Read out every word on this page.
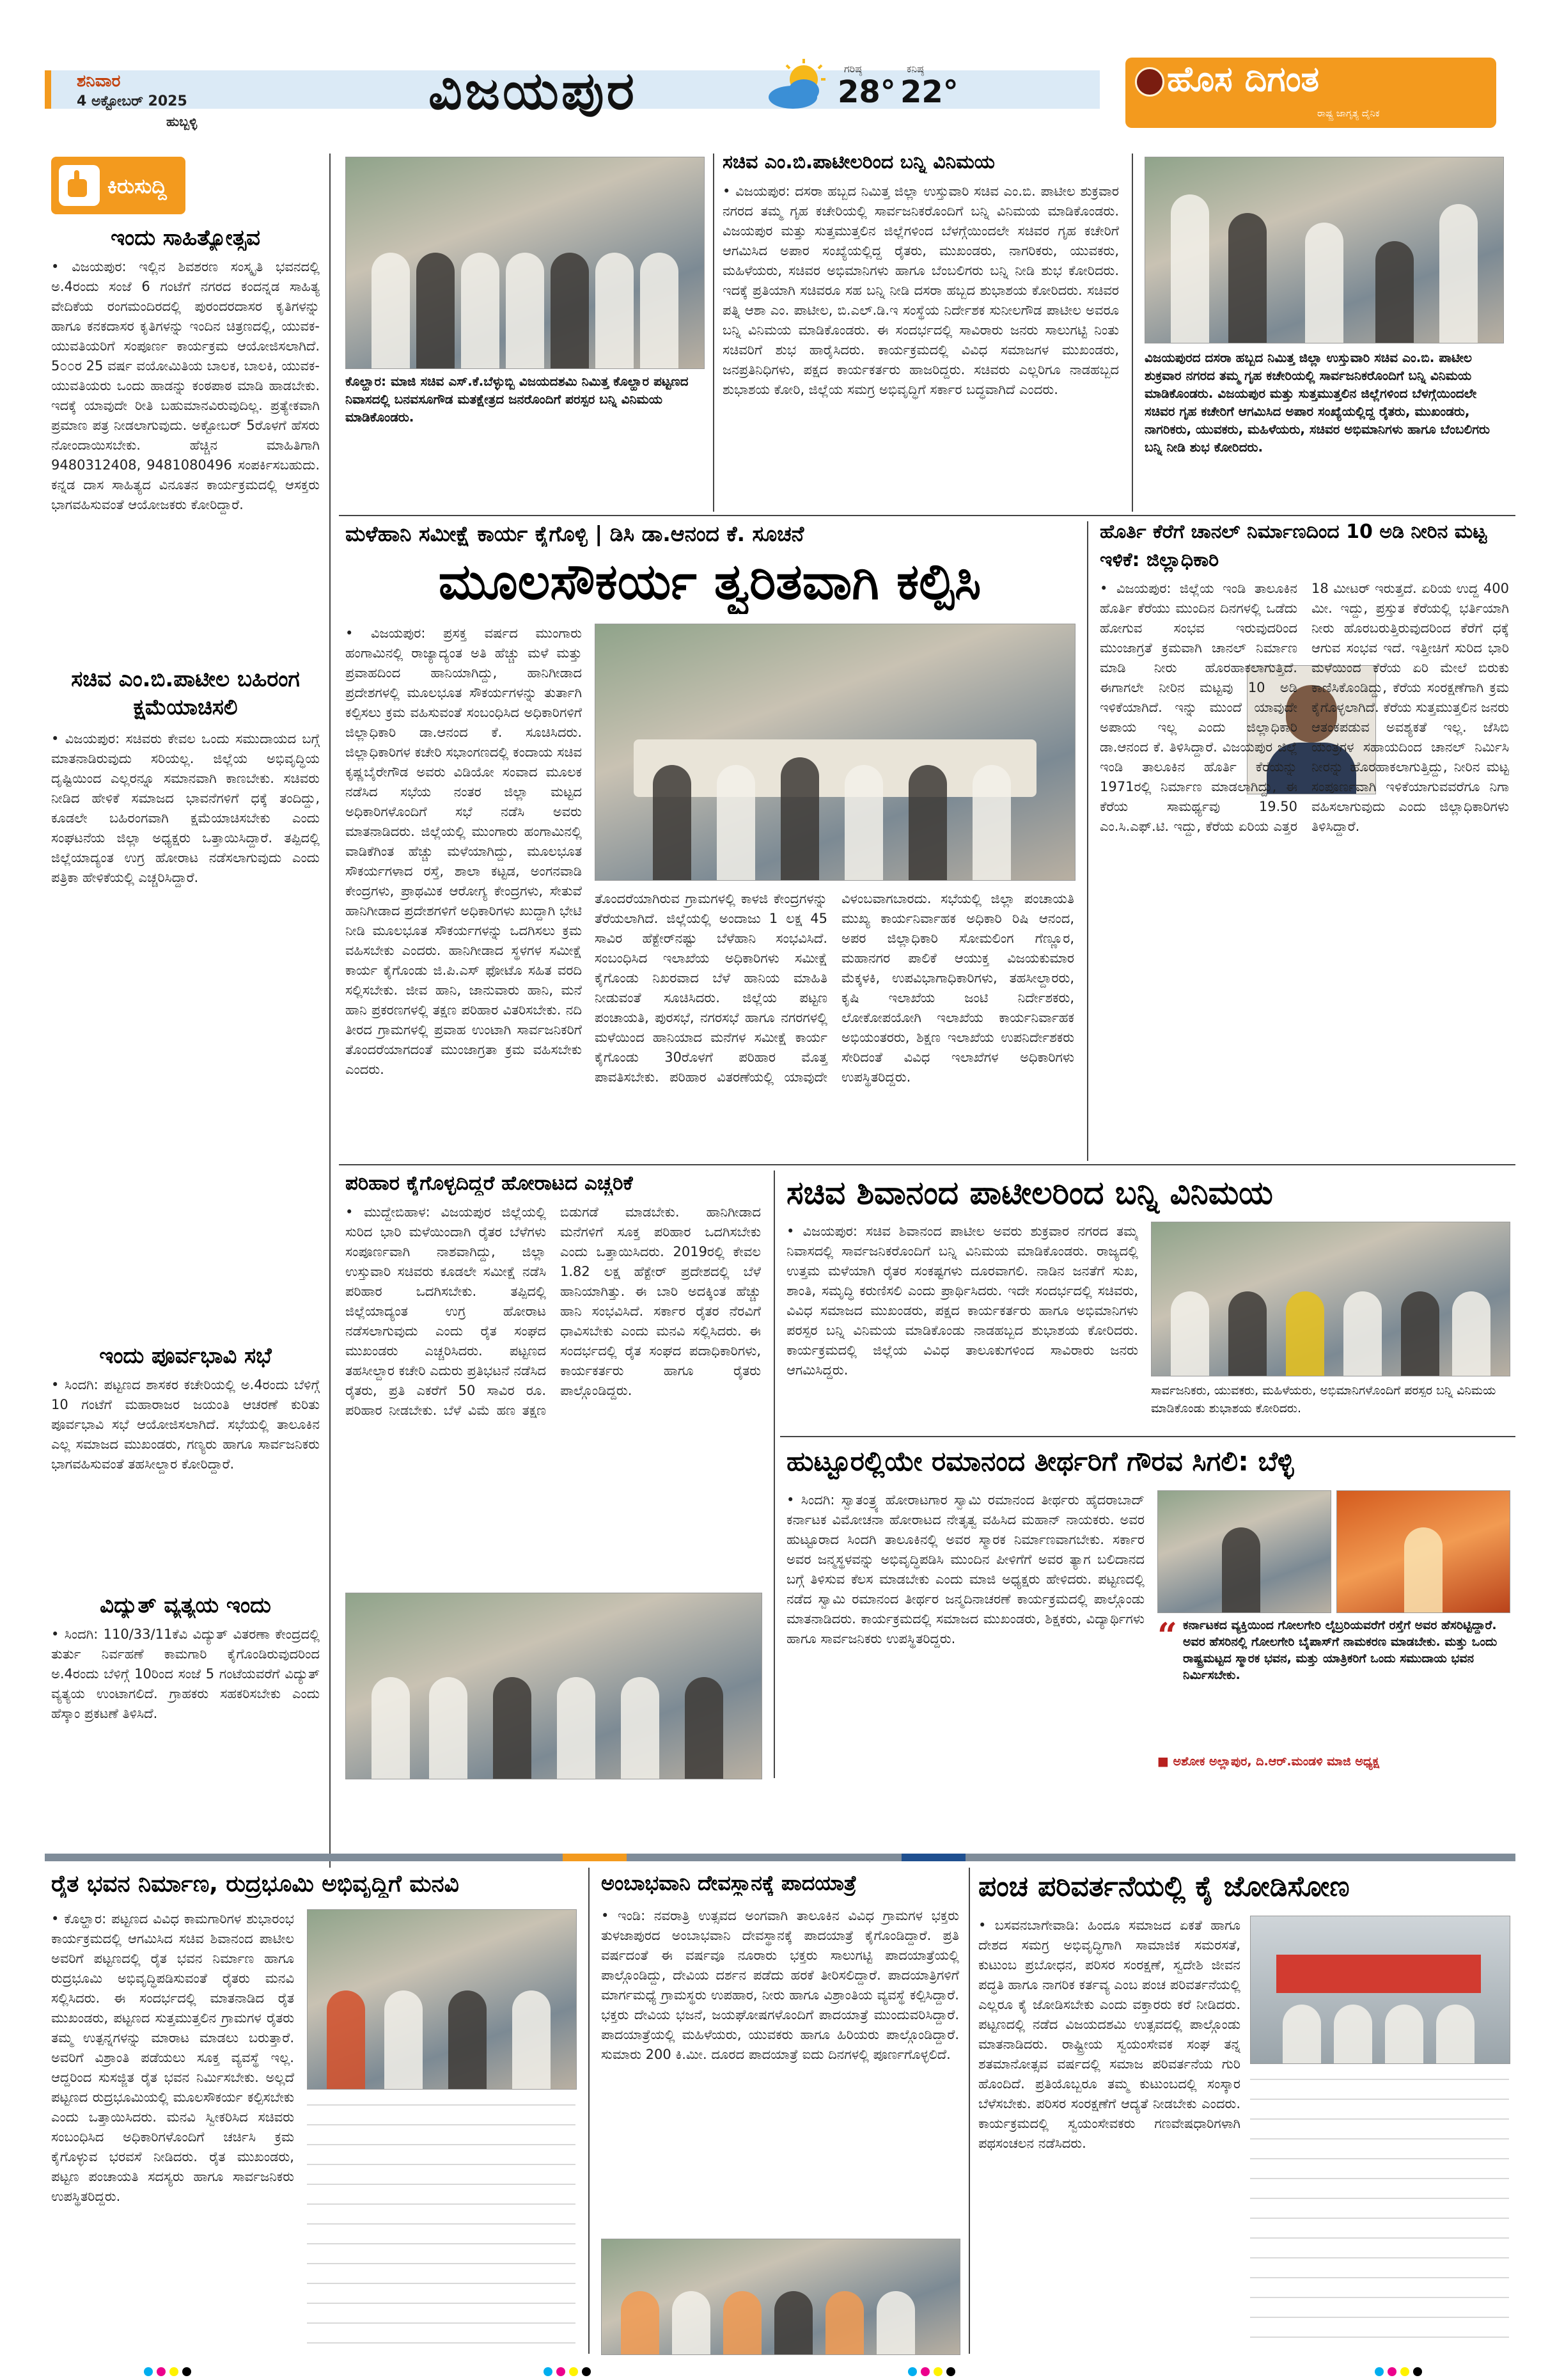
ಶನಿವಾರ
4 ಅಕ್ಟೋಬರ್ 2025
ಹುಬ್ಬಳ್ಳಿ	ವಿಜಯಪುರ	ಗರಿಷ್ಠ
28°
ಕನಿಷ್ಠ
22°	ಹೊಸ ದಿಗಂತ
ರಾಷ್ಟ್ರ ಜಾಗೃತ್ಯ ದೈನಿಕ
ಕಿರುಸುದ್ದಿ
ಇಂದು ಸಾಹಿತ್ಯೋತ್ಸವ
• ವಿಜಯಪುರ: ಇಲ್ಲಿನ ಶಿವಶರಣ ಸಂಸ್ಕೃತಿ ಭವನದಲ್ಲಿ ಅ.4ರಂದು ಸಂಜೆ 6 ಗಂಟೆಗೆ ನಗರದ ಕಂದನ್ನಡ ಸಾಹಿತ್ಯ ವೇದಿಕೆಯ ರಂಗಮಂದಿರದಲ್ಲಿ ಪುರಂದರದಾಸರ ಕೃತಿಗಳನ್ನು ಹಾಗೂ ಕನಕದಾಸರ ಕೃತಿಗಳನ್ನು ಇಂದಿನ ಚಿತ್ರಣದಲ್ಲಿ, ಯುವಕ-ಯುವತಿಯರಿಗೆ ಸಂಪೂರ್ಣ ಕಾರ್ಯಕ್ರಮ ಆಯೋಜಿಸಲಾಗಿದೆ. 5೦೦ರ 25 ವರ್ಷ ವಯೋಮಿತಿಯ ಬಾಲಕ, ಬಾಲಕಿ, ಯುವಕ-ಯುವತಿಯರು ಒಂದು ಹಾಡನ್ನು ಕಂಠಪಾಠ ಮಾಡಿ ಹಾಡಬೇಕು. ಇದಕ್ಕೆ ಯಾವುದೇ ರೀತಿ ಬಹುಮಾನವಿರುವುದಿಲ್ಲ. ಪ್ರತ್ಯೇಕವಾಗಿ ಪ್ರಮಾಣ ಪತ್ರ ನೀಡಲಾಗುವುದು. ಅಕ್ಟೋಬರ್ 5ರೊಳಗೆ ಹೆಸರು ನೋಂದಾಯಿಸಬೇಕು. ಹೆಚ್ಚಿನ ಮಾಹಿತಿಗಾಗಿ 9480312408, 9481080496 ಸಂಪರ್ಕಿಸಬಹುದು. ಕನ್ನಡ ದಾಸ ಸಾಹಿತ್ಯದ ವಿನೂತನ ಕಾರ್ಯಕ್ರಮದಲ್ಲಿ ಆಸಕ್ತರು ಭಾಗವಹಿಸುವಂತೆ ಆಯೋಜಕರು ಕೋರಿದ್ದಾರೆ.
ಸಚಿವ ಎಂ.ಬಿ.ಪಾಟೀಲ ಬಹಿರಂಗ ಕ್ಷಮೆಯಾಚಿಸಲಿ
• ವಿಜಯಪುರ: ಸಚಿವರು ಕೇವಲ ಒಂದು ಸಮುದಾಯದ ಬಗ್ಗೆ ಮಾತನಾಡಿರುವುದು ಸರಿಯಲ್ಲ. ಜಿಲ್ಲೆಯ ಅಭಿವೃದ್ಧಿಯ ದೃಷ್ಟಿಯಿಂದ ಎಲ್ಲರನ್ನೂ ಸಮಾನವಾಗಿ ಕಾಣಬೇಕು. ಸಚಿವರು ನೀಡಿದ ಹೇಳಿಕೆ ಸಮಾಜದ ಭಾವನೆಗಳಿಗೆ ಧಕ್ಕೆ ತಂದಿದ್ದು, ಕೂಡಲೇ ಬಹಿರಂಗವಾಗಿ ಕ್ಷಮೆಯಾಚಿಸಬೇಕು ಎಂದು ಸಂಘಟನೆಯ ಜಿಲ್ಲಾ ಅಧ್ಯಕ್ಷರು ಒತ್ತಾಯಿಸಿದ್ದಾರೆ. ತಪ್ಪಿದಲ್ಲಿ ಜಿಲ್ಲೆಯಾದ್ಯಂತ ಉಗ್ರ ಹೋರಾಟ ನಡೆಸಲಾಗುವುದು ಎಂದು ಪತ್ರಿಕಾ ಹೇಳಿಕೆಯಲ್ಲಿ ಎಚ್ಚರಿಸಿದ್ದಾರೆ.
ಇಂದು ಪೂರ್ವಭಾವಿ ಸಭೆ
• ಸಿಂದಗಿ: ಪಟ್ಟಣದ ಶಾಸಕರ ಕಚೇರಿಯಲ್ಲಿ ಅ.4ರಂದು ಬೆಳಿಗ್ಗೆ 10 ಗಂಟೆಗೆ ಮಹಾರಾಜರ ಜಯಂತಿ ಆಚರಣೆ ಕುರಿತು ಪೂರ್ವಭಾವಿ ಸಭೆ ಆಯೋಜಿಸಲಾಗಿದೆ. ಸಭೆಯಲ್ಲಿ ತಾಲೂಕಿನ ಎಲ್ಲ ಸಮಾಜದ ಮುಖಂಡರು, ಗಣ್ಯರು ಹಾಗೂ ಸಾರ್ವಜನಿಕರು ಭಾಗವಹಿಸುವಂತೆ ತಹಸೀಲ್ದಾರ ಕೋರಿದ್ದಾರೆ.
ವಿದ್ಯುತ್ ವ್ಯತ್ಯಯ ಇಂದು
• ಸಿಂದಗಿ: 110/33/11ಕೆವಿ ವಿದ್ಯುತ್ ವಿತರಣಾ ಕೇಂದ್ರದಲ್ಲಿ ತುರ್ತು ನಿರ್ವಹಣೆ ಕಾಮಗಾರಿ ಕೈಗೊಂಡಿರುವುದರಿಂದ ಅ.4ರಂದು ಬೆಳಿಗ್ಗೆ 10ರಿಂದ ಸಂಜೆ 5 ಗಂಟೆಯವರೆಗೆ ವಿದ್ಯುತ್ ವ್ಯತ್ಯಯ ಉಂಟಾಗಲಿದೆ. ಗ್ರಾಹಕರು ಸಹಕರಿಸಬೇಕು ಎಂದು ಹೆಸ್ಕಾಂ ಪ್ರಕಟಣೆ ತಿಳಿಸಿದೆ.
ಕೊಲ್ಹಾರ: ಮಾಜಿ ಸಚಿವ ಎಸ್.ಕೆ.ಬೆಳ್ಳುಬ್ಬಿ ವಿಜಯದಶಮಿ ನಿಮಿತ್ತ ಕೊಲ್ಹಾರ ಪಟ್ಟಣದ ನಿವಾಸದಲ್ಲಿ ಬನವಸೂಗೌಡ ಮತಕ್ಷೇತ್ರದ ಜನರೊಂದಿಗೆ ಪರಸ್ಪರ ಬನ್ನಿ ವಿನಿಮಯ ಮಾಡಿಕೊಂಡರು.
ಸಚಿವ ಎಂ.ಬಿ.ಪಾಟೀಲರಿಂದ ಬನ್ನಿ ವಿನಿಮಯ
• ವಿಜಯಪುರ: ದಸರಾ ಹಬ್ಬದ ನಿಮಿತ್ತ ಜಿಲ್ಲಾ ಉಸ್ತುವಾರಿ ಸಚಿವ ಎಂ.ಬಿ. ಪಾಟೀಲ ಶುಕ್ರವಾರ ನಗರದ ತಮ್ಮ ಗೃಹ ಕಚೇರಿಯಲ್ಲಿ ಸಾರ್ವಜನಿಕರೊಂದಿಗೆ ಬನ್ನಿ ವಿನಿಮಯ ಮಾಡಿಕೊಂಡರು. ವಿಜಯಪುರ ಮತ್ತು ಸುತ್ತಮುತ್ತಲಿನ ಜಿಲ್ಲೆಗಳಿಂದ ಬೆಳಗ್ಗೆಯಿಂದಲೇ ಸಚಿವರ ಗೃಹ ಕಚೇರಿಗೆ ಆಗಮಿಸಿದ ಅಪಾರ ಸಂಖ್ಯೆಯಲ್ಲಿದ್ದ ರೈತರು, ಮುಖಂಡರು, ನಾಗರಿಕರು, ಯುವಕರು, ಮಹಿಳೆಯರು, ಸಚಿವರ ಅಭಿಮಾನಿಗಳು ಹಾಗೂ ಬೆಂಬಲಿಗರು ಬನ್ನಿ ನೀಡಿ ಶುಭ ಕೋರಿದರು. ಇದಕ್ಕೆ ಪ್ರತಿಯಾಗಿ ಸಚಿವರೂ ಸಹ ಬನ್ನಿ ನೀಡಿ ದಸರಾ ಹಬ್ಬದ ಶುಭಾಶಯ ಕೋರಿದರು. ಸಚಿವರ ಪತ್ನಿ ಆಶಾ ಎಂ. ಪಾಟೀಲ, ಬಿ.ಎಲ್.ಡಿ.ಇ ಸಂಸ್ಥೆಯ ನಿರ್ದೇಶಕ ಸುನೀಲಗೌಡ ಪಾಟೀಲ ಅವರೂ ಬನ್ನಿ ವಿನಿಮಯ ಮಾಡಿಕೊಂಡರು. ಈ ಸಂದರ್ಭದಲ್ಲಿ ಸಾವಿರಾರು ಜನರು ಸಾಲುಗಟ್ಟಿ ನಿಂತು ಸಚಿವರಿಗೆ ಶುಭ ಹಾರೈಸಿದರು. ಕಾರ್ಯಕ್ರಮದಲ್ಲಿ ವಿವಿಧ ಸಮಾಜಗಳ ಮುಖಂಡರು, ಜನಪ್ರತಿನಿಧಿಗಳು, ಪಕ್ಷದ ಕಾರ್ಯಕರ್ತರು ಹಾಜರಿದ್ದರು. ಸಚಿವರು ಎಲ್ಲರಿಗೂ ನಾಡಹಬ್ಬದ ಶುಭಾಶಯ ಕೋರಿ, ಜಿಲ್ಲೆಯ ಸಮಗ್ರ ಅಭಿವೃದ್ಧಿಗೆ ಸರ್ಕಾರ ಬದ್ಧವಾಗಿದೆ ಎಂದರು.
ವಿಜಯಪುರದ ದಸರಾ ಹಬ್ಬದ ನಿಮಿತ್ತ ಜಿಲ್ಲಾ ಉಸ್ತುವಾರಿ ಸಚಿವ ಎಂ.ಬಿ. ಪಾಟೀಲ ಶುಕ್ರವಾರ ನಗರದ ತಮ್ಮ ಗೃಹ ಕಚೇರಿಯಲ್ಲಿ ಸಾರ್ವಜನಿಕರೊಂದಿಗೆ ಬನ್ನಿ ವಿನಿಮಯ ಮಾಡಿಕೊಂಡರು. ವಿಜಯಪುರ ಮತ್ತು ಸುತ್ತಮುತ್ತಲಿನ ಜಿಲ್ಲೆಗಳಿಂದ ಬೆಳಗ್ಗೆಯಿಂದಲೇ ಸಚಿವರ ಗೃಹ ಕಚೇರಿಗೆ ಆಗಮಿಸಿದ ಅಪಾರ ಸಂಖ್ಯೆಯಲ್ಲಿದ್ದ ರೈತರು, ಮುಖಂಡರು, ನಾಗರಿಕರು, ಯುವಕರು, ಮಹಿಳೆಯರು, ಸಚಿವರ ಅಭಿಮಾನಿಗಳು ಹಾಗೂ ಬೆಂಬಲಿಗರು ಬನ್ನಿ ನೀಡಿ ಶುಭ ಕೋರಿದರು.
ಮಳೆಹಾನಿ ಸಮೀಕ್ಷೆ ಕಾರ್ಯ ಕೈಗೊಳ್ಳಿ | ಡಿಸಿ ಡಾ.ಆನಂದ ಕೆ. ಸೂಚನೆ
ಮೂಲಸೌಕರ್ಯ ತ್ವರಿತವಾಗಿ ಕಲ್ಪಿಸಿ
• ವಿಜಯಪುರ: ಪ್ರಸಕ್ತ ವರ್ಷದ ಮುಂಗಾರು ಹಂಗಾಮಿನಲ್ಲಿ ರಾಜ್ಯಾದ್ಯಂತ ಅತಿ ಹೆಚ್ಚು ಮಳೆ ಮತ್ತು ಪ್ರವಾಹದಿಂದ ಹಾನಿಯಾಗಿದ್ದು, ಹಾನಿಗೀಡಾದ ಪ್ರದೇಶಗಳಲ್ಲಿ ಮೂಲಭೂತ ಸೌಕರ್ಯಗಳನ್ನು ತುರ್ತಾಗಿ ಕಲ್ಪಿಸಲು ಕ್ರಮ ವಹಿಸುವಂತೆ ಸಂಬಂಧಿಸಿದ ಅಧಿಕಾರಿಗಳಿಗೆ ಜಿಲ್ಲಾಧಿಕಾರಿ ಡಾ.ಆನಂದ ಕೆ. ಸೂಚಿಸಿದರು. ಜಿಲ್ಲಾಧಿಕಾರಿಗಳ ಕಚೇರಿ ಸಭಾಂಗಣದಲ್ಲಿ ಕಂದಾಯ ಸಚಿವ ಕೃಷ್ಣಬೈರೇಗೌಡ ಅವರು ವಿಡಿಯೋ ಸಂವಾದ ಮೂಲಕ ನಡೆಸಿದ ಸಭೆಯ ನಂತರ ಜಿಲ್ಲಾ ಮಟ್ಟದ ಅಧಿಕಾರಿಗಳೊಂದಿಗೆ ಸಭೆ ನಡೆಸಿ ಅವರು ಮಾತನಾಡಿದರು. ಜಿಲ್ಲೆಯಲ್ಲಿ ಮುಂಗಾರು ಹಂಗಾಮಿನಲ್ಲಿ ವಾಡಿಕೆಗಿಂತ ಹೆಚ್ಚು ಮಳೆಯಾಗಿದ್ದು, ಮೂಲಭೂತ ಸೌಕರ್ಯಗಳಾದ ರಸ್ತೆ, ಶಾಲಾ ಕಟ್ಟಡ, ಅಂಗನವಾಡಿ ಕೇಂದ್ರಗಳು, ಪ್ರಾಥಮಿಕ ಆರೋಗ್ಯ ಕೇಂದ್ರಗಳು, ಸೇತುವೆ ಹಾನಿಗೀಡಾದ ಪ್ರದೇಶಗಳಿಗೆ ಅಧಿಕಾರಿಗಳು ಖುದ್ದಾಗಿ ಭೇಟಿ ನೀಡಿ ಮೂಲಭೂತ ಸೌಕರ್ಯಗಳನ್ನು ಒದಗಿಸಲು ಕ್ರಮ ವಹಿಸಬೇಕು ಎಂದರು. ಹಾನಿಗೀಡಾದ ಸ್ಥಳಗಳ ಸಮೀಕ್ಷೆ ಕಾರ್ಯ ಕೈಗೊಂಡು ಜಿ.ಪಿ.ಎಸ್ ಫೋಟೊ ಸಹಿತ ವರದಿ ಸಲ್ಲಿಸಬೇಕು. ಜೀವ ಹಾನಿ, ಜಾನುವಾರು ಹಾನಿ, ಮನೆ ಹಾನಿ ಪ್ರಕರಣಗಳಲ್ಲಿ ತಕ್ಷಣ ಪರಿಹಾರ ವಿತರಿಸಬೇಕು. ನದಿ ತೀರದ ಗ್ರಾಮಗಳಲ್ಲಿ ಪ್ರವಾಹ ಉಂಟಾಗಿ ಸಾರ್ವಜನಿಕರಿಗೆ ತೊಂದರೆಯಾಗದಂತೆ ಮುಂಜಾಗ್ರತಾ ಕ್ರಮ ವಹಿಸಬೇಕು ಎಂದರು.
ತೊಂದರೆಯಾಗಿರುವ ಗ್ರಾಮಗಳಲ್ಲಿ ಕಾಳಜಿ ಕೇಂದ್ರಗಳನ್ನು ತೆರೆಯಲಾಗಿದೆ. ಜಿಲ್ಲೆಯಲ್ಲಿ ಅಂದಾಜು 1 ಲಕ್ಷ 45 ಸಾವಿರ ಹೆಕ್ಟೇರ್‌ನಷ್ಟು ಬೆಳೆಹಾನಿ ಸಂಭವಿಸಿದೆ. ಸಂಬಂಧಿಸಿದ ಇಲಾಖೆಯ ಅಧಿಕಾರಿಗಳು ಸಮೀಕ್ಷೆ ಕೈಗೊಂಡು ನಿಖರವಾದ ಬೆಳೆ ಹಾನಿಯ ಮಾಹಿತಿ ನೀಡುವಂತೆ ಸೂಚಿಸಿದರು. ಜಿಲ್ಲೆಯ ಪಟ್ಟಣ ಪಂಚಾಯತಿ, ಪುರಸಭೆ, ನಗರಸಭೆ ಹಾಗೂ ನಗರಗಳಲ್ಲಿ ಮಳೆಯಿಂದ ಹಾನಿಯಾದ ಮನೆಗಳ ಸಮೀಕ್ಷೆ ಕಾರ್ಯ ಕೈಗೊಂಡು 30ರೊಳಗೆ ಪರಿಹಾರ ಮೊತ್ತ ಪಾವತಿಸಬೇಕು. ಪರಿಹಾರ ವಿತರಣೆಯಲ್ಲಿ ಯಾವುದೇ ವಿಳಂಬವಾಗಬಾರದು. ಸಭೆಯಲ್ಲಿ ಜಿಲ್ಲಾ ಪಂಚಾಯತಿ ಮುಖ್ಯ ಕಾರ್ಯನಿರ್ವಾಹಕ ಅಧಿಕಾರಿ ರಿಷಿ ಆನಂದ, ಅಪರ ಜಿಲ್ಲಾಧಿಕಾರಿ ಸೋಮಲಿಂಗ ಗೆಣ್ಣೂರ, ಮಹಾನಗರ ಪಾಲಿಕೆ ಆಯುಕ್ತ ವಿಜಯಕುಮಾರ ಮೆಕ್ಕಳಕಿ, ಉಪವಿಭಾಗಾಧಿಕಾರಿಗಳು, ತಹಸೀಲ್ದಾರರು, ಕೃಷಿ ಇಲಾಖೆಯ ಜಂಟಿ ನಿರ್ದೇಶಕರು, ಲೋಕೋಪಯೋಗಿ ಇಲಾಖೆಯ ಕಾರ್ಯನಿರ್ವಾಹಕ ಅಭಿಯಂತರರು, ಶಿಕ್ಷಣ ಇಲಾಖೆಯ ಉಪನಿರ್ದೇಶಕರು ಸೇರಿದಂತೆ ವಿವಿಧ ಇಲಾಖೆಗಳ ಅಧಿಕಾರಿಗಳು ಉಪಸ್ಥಿತರಿದ್ದರು.
ಹೊರ್ತಿ ಕೆರೆಗೆ ಚಾನಲ್ ನಿರ್ಮಾಣದಿಂದ 10 ಅಡಿ ನೀರಿನ ಮಟ್ಟ ಇಳಿಕೆ: ಜಿಲ್ಲಾಧಿಕಾರಿ
• ವಿಜಯಪುರ: ಜಿಲ್ಲೆಯ ಇಂಡಿ ತಾಲೂಕಿನ ಹೊರ್ತಿ ಕೆರೆಯು ಮುಂದಿನ ದಿನಗಳಲ್ಲಿ ಒಡೆದು ಹೋಗುವ ಸಂಭವ ಇರುವುದರಿಂದ ಮುಂಜಾಗ್ರತೆ ಕ್ರಮವಾಗಿ ಚಾನಲ್ ನಿರ್ಮಾಣ ಮಾಡಿ ನೀರು ಹೊರಹಾಕಲಾಗುತ್ತಿದೆ. ಈಗಾಗಲೇ ನೀರಿನ ಮಟ್ಟವು 10 ಅಡಿ ಇಳಿಕೆಯಾಗಿದೆ. ಇನ್ನು ಮುಂದೆ ಯಾವುದೇ ಅಪಾಯ ಇಲ್ಲ ಎಂದು ಜಿಲ್ಲಾಧಿಕಾರಿ ಡಾ.ಆನಂದ ಕೆ. ತಿಳಿಸಿದ್ದಾರೆ. ವಿಜಯಪುರ ಜಿಲ್ಲೆ ಇಂಡಿ ತಾಲೂಕಿನ ಹೊರ್ತಿ ಕೆರೆಯನ್ನು 1971ರಲ್ಲಿ ನಿರ್ಮಾಣ ಮಾಡಲಾಗಿದ್ದು, ಈ ಕೆರೆಯ ಸಾಮರ್ಥ್ಯವು 19.50 ಎಂ.ಸಿ.ಎಫ್.ಟಿ. ಇದ್ದು, ಕೆರೆಯ ಏರಿಯ ಎತ್ತರ 18 ಮೀಟರ್ ಇರುತ್ತದೆ. ಏರಿಯ ಉದ್ದ 400 ಮೀ. ಇದ್ದು, ಪ್ರಸ್ತುತ ಕೆರೆಯಲ್ಲಿ ಭರ್ತಿಯಾಗಿ ನೀರು ಹೊರಬರುತ್ತಿರುವುದರಿಂದ ಕೆರೆಗೆ ಧಕ್ಕೆ ಆಗುವ ಸಂಭವ ಇದೆ. ಇತ್ತೀಚಿಗೆ ಸುರಿದ ಭಾರಿ ಮಳೆಯಿಂದ ಕೆರೆಯ ಏರಿ ಮೇಲೆ ಬಿರುಕು ಕಾಣಿಸಿಕೊಂಡಿದ್ದು, ಕೆರೆಯ ಸಂರಕ್ಷಣೆಗಾಗಿ ಕ್ರಮ ಕೈಗೊಳ್ಳಲಾಗಿದೆ. ಕೆರೆಯ ಸುತ್ತಮುತ್ತಲಿನ ಜನರು ಆತಂಕಪಡುವ ಅವಶ್ಯಕತೆ ಇಲ್ಲ. ಜೆಸಿಬಿ ಯಂತ್ರಗಳ ಸಹಾಯದಿಂದ ಚಾನಲ್ ನಿರ್ಮಿಸಿ ನೀರನ್ನು ಹೊರಹಾಕಲಾಗುತ್ತಿದ್ದು, ನೀರಿನ ಮಟ್ಟ ಸಂಪೂರ್ಣವಾಗಿ ಇಳಿಕೆಯಾಗುವವರೆಗೂ ನಿಗಾ ವಹಿಸಲಾಗುವುದು ಎಂದು ಜಿಲ್ಲಾಧಿಕಾರಿಗಳು ತಿಳಿಸಿದ್ದಾರೆ.
ಪರಿಹಾರ ಕೈಗೊಳ್ಳದಿದ್ದರೆ ಹೋರಾಟದ ಎಚ್ಚರಿಕೆ
• ಮುದ್ದೇಬಿಹಾಳ: ವಿಜಯಪುರ ಜಿಲ್ಲೆಯಲ್ಲಿ ಸುರಿದ ಭಾರಿ ಮಳೆಯಿಂದಾಗಿ ರೈತರ ಬೆಳೆಗಳು ಸಂಪೂರ್ಣವಾಗಿ ನಾಶವಾಗಿದ್ದು, ಜಿಲ್ಲಾ ಉಸ್ತುವಾರಿ ಸಚಿವರು ಕೂಡಲೇ ಸಮೀಕ್ಷೆ ನಡೆಸಿ ಪರಿಹಾರ ಒದಗಿಸಬೇಕು. ತಪ್ಪಿದಲ್ಲಿ ಜಿಲ್ಲೆಯಾದ್ಯಂತ ಉಗ್ರ ಹೋರಾಟ ನಡೆಸಲಾಗುವುದು ಎಂದು ರೈತ ಸಂಘದ ಮುಖಂಡರು ಎಚ್ಚರಿಸಿದರು. ಪಟ್ಟಣದ ತಹಸೀಲ್ದಾರ ಕಚೇರಿ ಎದುರು ಪ್ರತಿಭಟನೆ ನಡೆಸಿದ ರೈತರು, ಪ್ರತಿ ಎಕರೆಗೆ 50 ಸಾವಿರ ರೂ. ಪರಿಹಾರ ನೀಡಬೇಕು. ಬೆಳೆ ವಿಮೆ ಹಣ ತಕ್ಷಣ ಬಿಡುಗಡೆ ಮಾಡಬೇಕು. ಹಾನಿಗೀಡಾದ ಮನೆಗಳಿಗೆ ಸೂಕ್ತ ಪರಿಹಾರ ಒದಗಿಸಬೇಕು ಎಂದು ಒತ್ತಾಯಿಸಿದರು. 2019ರಲ್ಲಿ ಕೇವಲ 1.82 ಲಕ್ಷ ಹೆಕ್ಟೇರ್ ಪ್ರದೇಶದಲ್ಲಿ ಬೆಳೆ ಹಾನಿಯಾಗಿತ್ತು. ಈ ಬಾರಿ ಅದಕ್ಕಿಂತ ಹೆಚ್ಚು ಹಾನಿ ಸಂಭವಿಸಿದೆ. ಸರ್ಕಾರ ರೈತರ ನೆರವಿಗೆ ಧಾವಿಸಬೇಕು ಎಂದು ಮನವಿ ಸಲ್ಲಿಸಿದರು. ಈ ಸಂದರ್ಭದಲ್ಲಿ ರೈತ ಸಂಘದ ಪದಾಧಿಕಾರಿಗಳು, ಕಾರ್ಯಕರ್ತರು ಹಾಗೂ ರೈತರು ಪಾಲ್ಗೊಂಡಿದ್ದರು.
ಸಚಿವ ಶಿವಾನಂದ ಪಾಟೀಲರಿಂದ ಬನ್ನಿ ವಿನಿಮಯ
• ವಿಜಯಪುರ: ಸಚಿವ ಶಿವಾನಂದ ಪಾಟೀಲ ಅವರು ಶುಕ್ರವಾರ ನಗರದ ತಮ್ಮ ನಿವಾಸದಲ್ಲಿ ಸಾರ್ವಜನಿಕರೊಂದಿಗೆ ಬನ್ನಿ ವಿನಿಮಯ ಮಾಡಿಕೊಂಡರು. ರಾಜ್ಯದಲ್ಲಿ ಉತ್ತಮ ಮಳೆಯಾಗಿ ರೈತರ ಸಂಕಷ್ಟಗಳು ದೂರವಾಗಲಿ. ನಾಡಿನ ಜನತೆಗೆ ಸುಖ, ಶಾಂತಿ, ಸಮೃದ್ಧಿ ಕರುಣಿಸಲಿ ಎಂದು ಪ್ರಾರ್ಥಿಸಿದರು. ಇದೇ ಸಂದರ್ಭದಲ್ಲಿ ಸಚಿವರು, ವಿವಿಧ ಸಮಾಜದ ಮುಖಂಡರು, ಪಕ್ಷದ ಕಾರ್ಯಕರ್ತರು ಹಾಗೂ ಅಭಿಮಾನಿಗಳು ಪರಸ್ಪರ ಬನ್ನಿ ವಿನಿಮಯ ಮಾಡಿಕೊಂಡು ನಾಡಹಬ್ಬದ ಶುಭಾಶಯ ಕೋರಿದರು. ಕಾರ್ಯಕ್ರಮದಲ್ಲಿ ಜಿಲ್ಲೆಯ ವಿವಿಧ ತಾಲೂಕುಗಳಿಂದ ಸಾವಿರಾರು ಜನರು ಆಗಮಿಸಿದ್ದರು.
ಸಾರ್ವಜನಿಕರು, ಯುವಕರು, ಮಹಿಳೆಯರು, ಅಭಿಮಾನಿಗಳೊಂದಿಗೆ ಪರಸ್ಪರ ಬನ್ನಿ ವಿನಿಮಯ ಮಾಡಿಕೊಂಡು ಶುಭಾಶಯ ಕೋರಿದರು.
ಹುಟ್ಟೂರಲ್ಲಿಯೇ ರಮಾನಂದ ತೀರ್ಥರಿಗೆ ಗೌರವ ಸಿಗಲಿ: ಬೆಳ್ಳಿ
• ಸಿಂದಗಿ: ಸ್ವಾತಂತ್ರ್ಯ ಹೋರಾಟಗಾರ ಸ್ವಾಮಿ ರಮಾನಂದ ತೀರ್ಥರು ಹೈದರಾಬಾದ್ ಕರ್ನಾಟಕ ವಿಮೋಚನಾ ಹೋರಾಟದ ನೇತೃತ್ವ ವಹಿಸಿದ ಮಹಾನ್ ನಾಯಕರು. ಅವರ ಹುಟ್ಟೂರಾದ ಸಿಂದಗಿ ತಾಲೂಕಿನಲ್ಲಿ ಅವರ ಸ್ಮಾರಕ ನಿರ್ಮಾಣವಾಗಬೇಕು. ಸರ್ಕಾರ ಅವರ ಜನ್ಮಸ್ಥಳವನ್ನು ಅಭಿವೃದ್ಧಿಪಡಿಸಿ ಮುಂದಿನ ಪೀಳಿಗೆಗೆ ಅವರ ತ್ಯಾಗ ಬಲಿದಾನದ ಬಗ್ಗೆ ತಿಳಿಸುವ ಕೆಲಸ ಮಾಡಬೇಕು ಎಂದು ಮಾಜಿ ಅಧ್ಯಕ್ಷರು ಹೇಳಿದರು. ಪಟ್ಟಣದಲ್ಲಿ ನಡೆದ ಸ್ವಾಮಿ ರಮಾನಂದ ತೀರ್ಥರ ಜನ್ಮದಿನಾಚರಣೆ ಕಾರ್ಯಕ್ರಮದಲ್ಲಿ ಪಾಲ್ಗೊಂಡು ಮಾತನಾಡಿದರು. ಕಾರ್ಯಕ್ರಮದಲ್ಲಿ ಸಮಾಜದ ಮುಖಂಡರು, ಶಿಕ್ಷಕರು, ವಿದ್ಯಾರ್ಥಿಗಳು ಹಾಗೂ ಸಾರ್ವಜನಿಕರು ಉಪಸ್ಥಿತರಿದ್ದರು.	“ ಕರ್ನಾಟಕದ ವ್ಯಕ್ತಿಯಿಂದ ಗೋಲಗೇರಿ ಲೈಬ್ರರಿಯವರೆಗೆ ರಸ್ತೆಗೆ ಅವರ ಹೆಸರಿಟ್ಟಿದ್ದಾರೆ. ಅವರ ಹೆಸರಿನಲ್ಲಿ ಗೋಲಗೇರಿ ಬೈಪಾಸ್‌ಗೆ ನಾಮಕರಣ ಮಾಡಬೇಕು. ಮತ್ತು ಒಂದು ರಾಷ್ಟ್ರಮಟ್ಟದ ಸ್ಮಾರಕ ಭವನ, ಮತ್ತು ಯಾತ್ರಿಕರಿಗೆ ಒಂದು ಸಮುದಾಯ ಭವನ ನಿರ್ಮಿಸಬೇಕು.
■ ಅಶೋಕ ಅಲ್ಲಾಪುರ, ದಿ.ಆರ್.ಮಂಡಳಿ ಮಾಜಿ ಅಧ್ಯಕ್ಷ
ರೈತ ಭವನ ನಿರ್ಮಾಣ, ರುದ್ರಭೂಮಿ ಅಭಿವೃದ್ಧಿಗೆ ಮನವಿ
• ಕೊಲ್ಹಾರ: ಪಟ್ಟಣದ ವಿವಿಧ ಕಾಮಗಾರಿಗಳ ಶುಭಾರಂಭ ಕಾರ್ಯಕ್ರಮದಲ್ಲಿ ಆಗಮಿಸಿದ ಸಚಿವ ಶಿವಾನಂದ ಪಾಟೀಲ ಅವರಿಗೆ ಪಟ್ಟಣದಲ್ಲಿ ರೈತ ಭವನ ನಿರ್ಮಾಣ ಹಾಗೂ ರುದ್ರಭೂಮಿ ಅಭಿವೃದ್ಧಿಪಡಿಸುವಂತೆ ರೈತರು ಮನವಿ ಸಲ್ಲಿಸಿದರು. ಈ ಸಂದರ್ಭದಲ್ಲಿ ಮಾತನಾಡಿದ ರೈತ ಮುಖಂಡರು, ಪಟ್ಟಣದ ಸುತ್ತಮುತ್ತಲಿನ ಗ್ರಾಮಗಳ ರೈತರು ತಮ್ಮ ಉತ್ಪನ್ನಗಳನ್ನು ಮಾರಾಟ ಮಾಡಲು ಬರುತ್ತಾರೆ. ಅವರಿಗೆ ವಿಶ್ರಾಂತಿ ಪಡೆಯಲು ಸೂಕ್ತ ವ್ಯವಸ್ಥೆ ಇಲ್ಲ. ಆದ್ದರಿಂದ ಸುಸಜ್ಜಿತ ರೈತ ಭವನ ನಿರ್ಮಿಸಬೇಕು. ಅಲ್ಲದೆ ಪಟ್ಟಣದ ರುದ್ರಭೂಮಿಯಲ್ಲಿ ಮೂಲಸೌಕರ್ಯ ಕಲ್ಪಿಸಬೇಕು ಎಂದು ಒತ್ತಾಯಿಸಿದರು. ಮನವಿ ಸ್ವೀಕರಿಸಿದ ಸಚಿವರು ಸಂಬಂಧಿಸಿದ ಅಧಿಕಾರಿಗಳೊಂದಿಗೆ ಚರ್ಚಿಸಿ ಕ್ರಮ ಕೈಗೊಳ್ಳುವ ಭರವಸೆ ನೀಡಿದರು. ರೈತ ಮುಖಂಡರು, ಪಟ್ಟಣ ಪಂಚಾಯತಿ ಸದಸ್ಯರು ಹಾಗೂ ಸಾರ್ವಜನಿಕರು ಉಪಸ್ಥಿತರಿದ್ದರು.
ಅಂಬಾಭವಾನಿ ದೇವಸ್ಥಾನಕ್ಕೆ ಪಾದಯಾತ್ರೆ
• ಇಂಡಿ: ನವರಾತ್ರಿ ಉತ್ಸವದ ಅಂಗವಾಗಿ ತಾಲೂಕಿನ ವಿವಿಧ ಗ್ರಾಮಗಳ ಭಕ್ತರು ತುಳಜಾಪುರದ ಅಂಬಾಭವಾನಿ ದೇವಸ್ಥಾನಕ್ಕೆ ಪಾದಯಾತ್ರೆ ಕೈಗೊಂಡಿದ್ದಾರೆ. ಪ್ರತಿ ವರ್ಷದಂತೆ ಈ ವರ್ಷವೂ ನೂರಾರು ಭಕ್ತರು ಸಾಲುಗಟ್ಟಿ ಪಾದಯಾತ್ರೆಯಲ್ಲಿ ಪಾಲ್ಗೊಂಡಿದ್ದು, ದೇವಿಯ ದರ್ಶನ ಪಡೆದು ಹರಕೆ ತೀರಿಸಲಿದ್ದಾರೆ. ಪಾದಯಾತ್ರಿಗಳಿಗೆ ಮಾರ್ಗಮಧ್ಯೆ ಗ್ರಾಮಸ್ಥರು ಉಪಹಾರ, ನೀರು ಹಾಗೂ ವಿಶ್ರಾಂತಿಯ ವ್ಯವಸ್ಥೆ ಕಲ್ಪಿಸಿದ್ದಾರೆ. ಭಕ್ತರು ದೇವಿಯ ಭಜನೆ, ಜಯಘೋಷಗಳೊಂದಿಗೆ ಪಾದಯಾತ್ರೆ ಮುಂದುವರಿಸಿದ್ದಾರೆ. ಪಾದಯಾತ್ರೆಯಲ್ಲಿ ಮಹಿಳೆಯರು, ಯುವಕರು ಹಾಗೂ ಹಿರಿಯರು ಪಾಲ್ಗೊಂಡಿದ್ದಾರೆ. ಸುಮಾರು 200 ಕಿ.ಮೀ. ದೂರದ ಪಾದಯಾತ್ರೆ ಐದು ದಿನಗಳಲ್ಲಿ ಪೂರ್ಣಗೊಳ್ಳಲಿದೆ.
ಪಂಚ ಪರಿವರ್ತನೆಯಲ್ಲಿ ಕೈ ಜೋಡಿಸೋಣ
• ಬಸವನಬಾಗೇವಾಡಿ: ಹಿಂದೂ ಸಮಾಜದ ಏಕತೆ ಹಾಗೂ ದೇಶದ ಸಮಗ್ರ ಅಭಿವೃದ್ಧಿಗಾಗಿ ಸಾಮಾಜಿಕ ಸಮರಸತೆ, ಕುಟುಂಬ ಪ್ರಬೋಧನ, ಪರಿಸರ ಸಂರಕ್ಷಣೆ, ಸ್ವದೇಶಿ ಜೀವನ ಪದ್ಧತಿ ಹಾಗೂ ನಾಗರಿಕ ಕರ್ತವ್ಯ ಎಂಬ ಪಂಚ ಪರಿವರ್ತನೆಯಲ್ಲಿ ಎಲ್ಲರೂ ಕೈ ಜೋಡಿಸಬೇಕು ಎಂದು ವಕ್ತಾರರು ಕರೆ ನೀಡಿದರು. ಪಟ್ಟಣದಲ್ಲಿ ನಡೆದ ವಿಜಯದಶಮಿ ಉತ್ಸವದಲ್ಲಿ ಪಾಲ್ಗೊಂಡು ಮಾತನಾಡಿದರು. ರಾಷ್ಟ್ರೀಯ ಸ್ವಯಂಸೇವಕ ಸಂಘ ತನ್ನ ಶತಮಾನೋತ್ಸವ ವರ್ಷದಲ್ಲಿ ಸಮಾಜ ಪರಿವರ್ತನೆಯ ಗುರಿ ಹೊಂದಿದೆ. ಪ್ರತಿಯೊಬ್ಬರೂ ತಮ್ಮ ಕುಟುಂಬದಲ್ಲಿ ಸಂಸ್ಕಾರ ಬೆಳೆಸಬೇಕು. ಪರಿಸರ ಸಂರಕ್ಷಣೆಗೆ ಆದ್ಯತೆ ನೀಡಬೇಕು ಎಂದರು. ಕಾರ್ಯಕ್ರಮದಲ್ಲಿ ಸ್ವಯಂಸೇವಕರು ಗಣವೇಷಧಾರಿಗಳಾಗಿ ಪಥಸಂಚಲನ ನಡೆಸಿದರು.
